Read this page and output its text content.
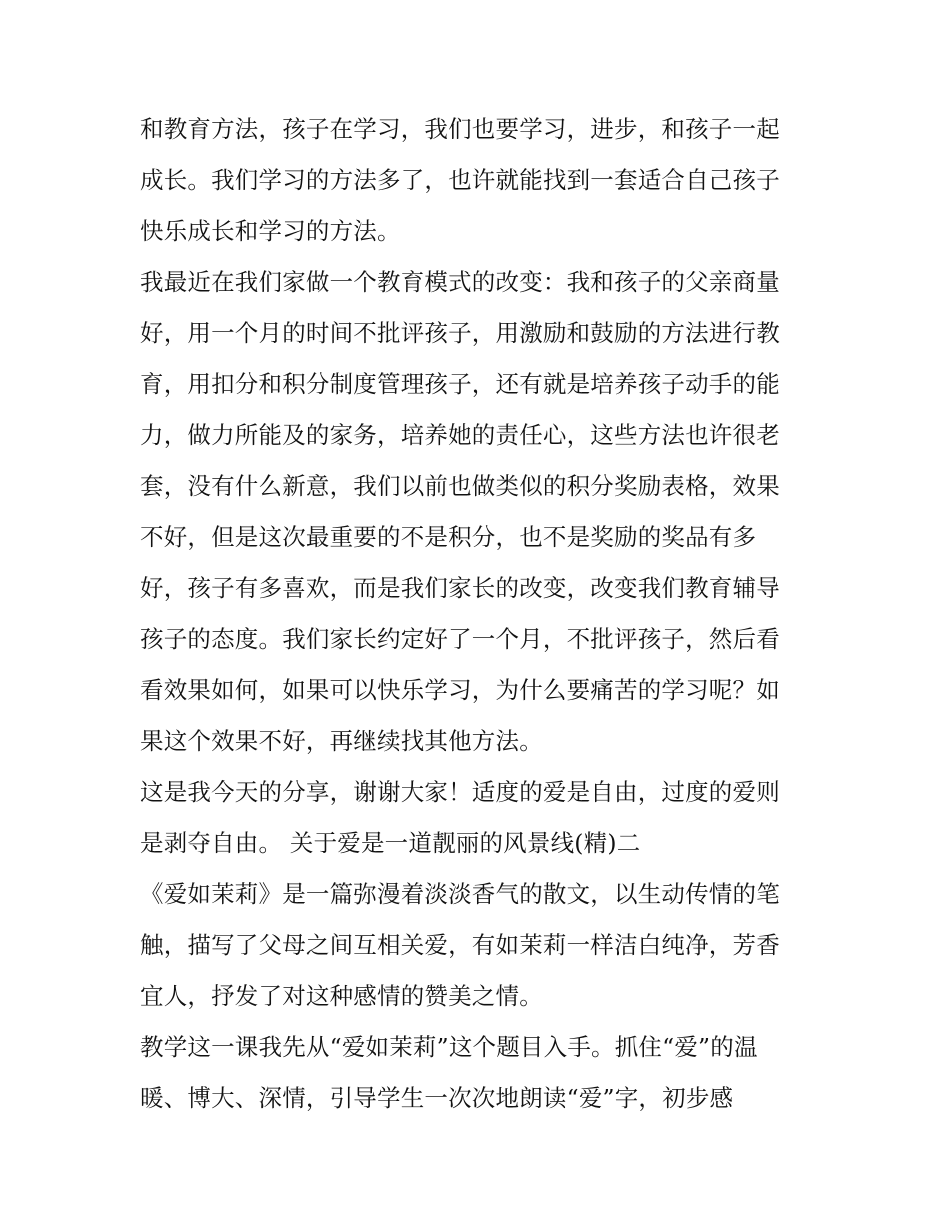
和教育方法，孩子在学习，我们也要学习，进步，和孩子一起
成长。我们学习的方法多了，也许就能找到一套适合自己孩子
快乐成长和学习的方法。
我最近在我们家做一个教育模式的改变：我和孩子的父亲商量
好，用一个月的时间不批评孩子，用激励和鼓励的方法进行教
育，用扣分和积分制度管理孩子，还有就是培养孩子动手的能
力，做力所能及的家务，培养她的责任心，这些方法也许很老
套，没有什么新意，我们以前也做类似的积分奖励表格，效果
不好，但是这次最重要的不是积分，也不是奖励的奖品有多
好，孩子有多喜欢，而是我们家长的改变，改变我们教育辅导
孩子的态度。我们家长约定好了一个月，不批评孩子，然后看
看效果如何，如果可以快乐学习，为什么要痛苦的学习呢？如
果这个效果不好，再继续找其他方法。
这是我今天的分享，谢谢大家！适度的爱是自由，过度的爱则
是剥夺自由。 关于爱是一道靓丽的风景线(精)二
《爱如茉莉》是一篇弥漫着淡淡香气的散文，以生动传情的笔
触，描写了父母之间互相关爱，有如茉莉一样洁白纯净，芳香
宜人，抒发了对这种感情的赞美之情。
教学这一课我先从“爱如茉莉”这个题目入手。抓住“爱”的温
暖、博大、深情，引导学生一次次地朗读“爱”字，初步感
